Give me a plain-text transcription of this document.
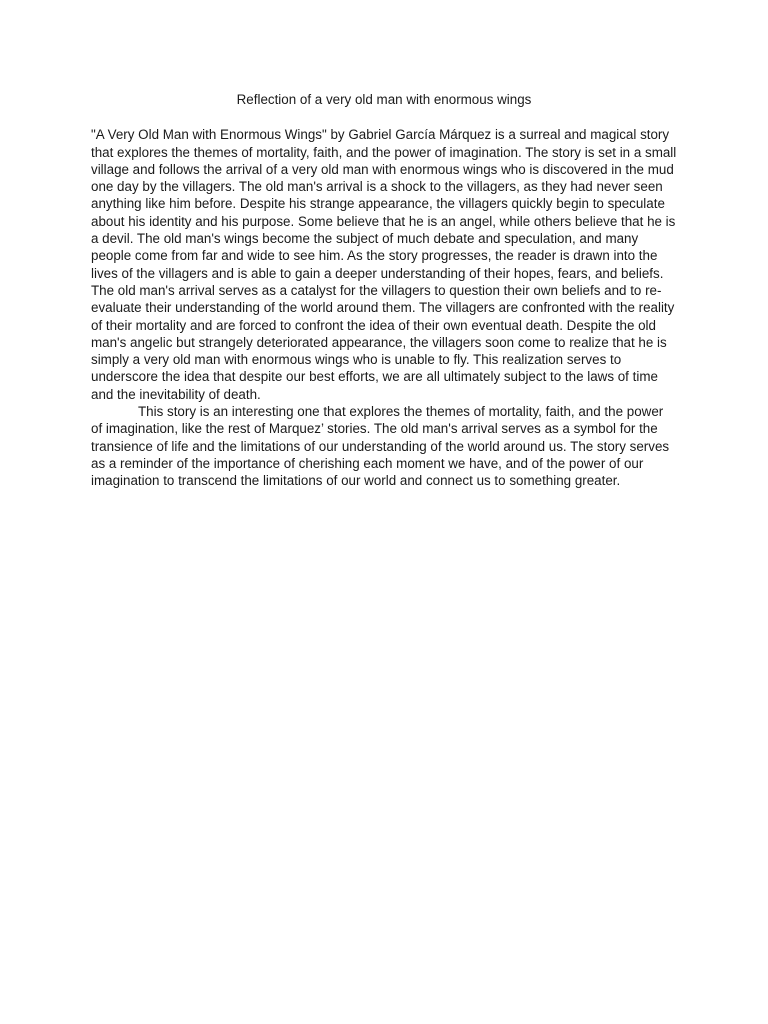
Reflection of a very old man with enormous wings

"A Very Old Man with Enormous Wings" by Gabriel García Márquez is a surreal and magical story that explores the themes of mortality, faith, and the power of imagination. The story is set in a small village and follows the arrival of a very old man with enormous wings who is discovered in the mud one day by the villagers. The old man's arrival is a shock to the villagers, as they had never seen anything like him before. Despite his strange appearance, the villagers quickly begin to speculate about his identity and his purpose. Some believe that he is an angel, while others believe that he is a devil. The old man's wings become the subject of much debate and speculation, and many people come from far and wide to see him. As the story progresses, the reader is drawn into the lives of the villagers and is able to gain a deeper understanding of their hopes, fears, and beliefs. The old man's arrival serves as a catalyst for the villagers to question their own beliefs and to re-evaluate their understanding of the world around them. The villagers are confronted with the reality of their mortality and are forced to confront the idea of their own eventual death. Despite the old man's angelic but strangely deteriorated appearance, the villagers soon come to realize that he is simply a very old man with enormous wings who is unable to fly. This realization serves to underscore the idea that despite our best efforts, we are all ultimately subject to the laws of time and the inevitability of death.

This story is an interesting one that explores the themes of mortality, faith, and the power of imagination, like the rest of Marquez’ stories. The old man's arrival serves as a symbol for the transience of life and the limitations of our understanding of the world around us. The story serves as a reminder of the importance of cherishing each moment we have, and of the power of our imagination to transcend the limitations of our world and connect us to something greater.
